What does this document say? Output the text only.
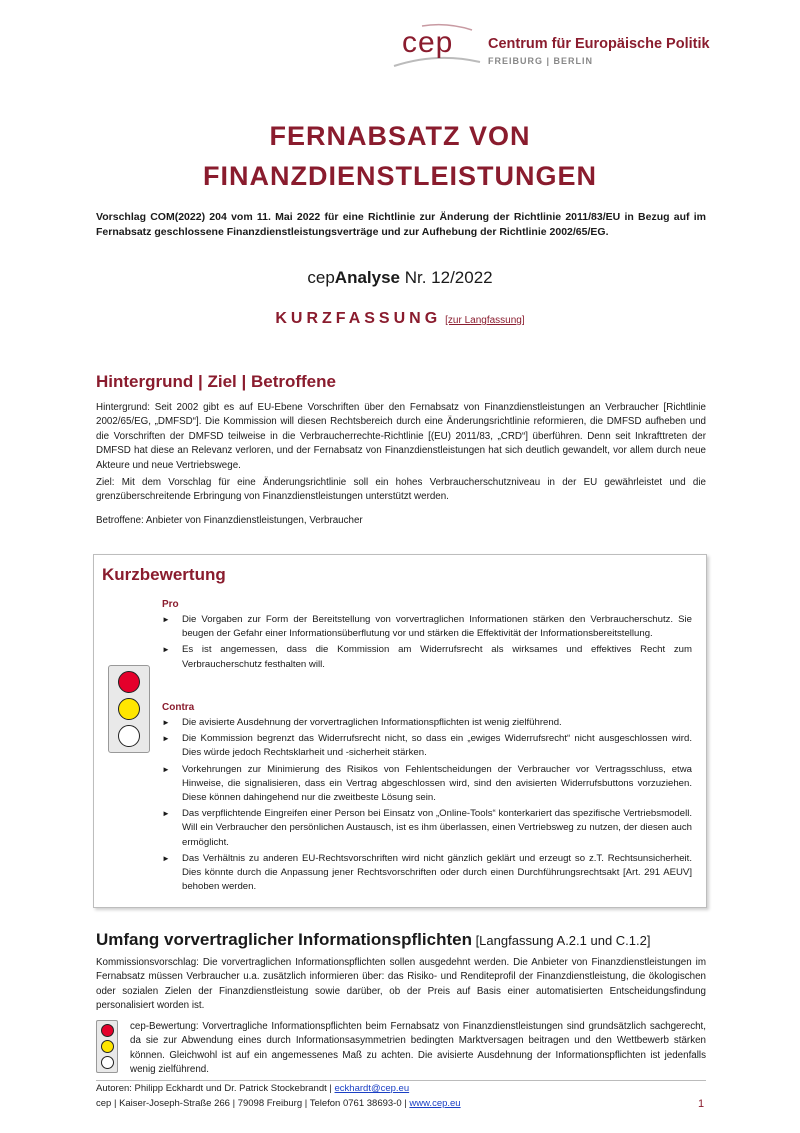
cep Centrum für Europäische Politik
FREIBURG | BERLIN
FERNABSATZ VON
FINANZDIENSTLEISTUNGEN
Vorschlag COM(2022) 204 vom 11. Mai 2022 für eine Richtlinie zur Änderung der Richtlinie 2011/83/EU in Bezug auf im Fernabsatz geschlossene Finanzdienstleistungsverträge und zur Aufhebung der Richtlinie 2002/65/EG.
cepAnalyse Nr. 12/2022
KURZFASSUNG [zur Langfassung]
Hintergrund | Ziel | Betroffene
Hintergrund: Seit 2002 gibt es auf EU-Ebene Vorschriften über den Fernabsatz von Finanzdienstleistungen an Verbraucher [Richtlinie 2002/65/EG, „DMFSD“]. Die Kommission will diesen Rechtsbereich durch eine Änderungsrichtlinie reformieren, die DMFSD aufheben und die Vorschriften der DMFSD teilweise in die Verbraucherrechte-Richtlinie [(EU) 2011/83, „CRD“] überführen. Denn seit Inkrafttreten der DMFSD hat diese an Relevanz verloren, und der Fernabsatz von Finanzdienstleistungen hat sich deutlich gewandelt, vor allem durch neue Akteure und neue Vertriebswege.
Ziel: Mit dem Vorschlag für eine Änderungsrichtlinie soll ein hohes Verbraucherschutzniveau in der EU gewährleistet und die grenzüberschreitende Erbringung von Finanzdienstleistungen unterstützt werden.
Betroffene: Anbieter von Finanzdienstleistungen, Verbraucher
Kurzbewertung
Pro
► Die Vorgaben zur Form der Bereitstellung von vorvertraglichen Informationen stärken den Verbraucherschutz. Sie beugen der Gefahr einer Informationsüberflutung vor und stärken die Effektivität der Informationsbereitstellung.
► Es ist angemessen, dass die Kommission am Widerrufsrecht als wirksames und effektives Recht zum Verbraucherschutz festhalten will.
Contra
► Die avisierte Ausdehnung der vorvertraglichen Informationspflichten ist wenig zielführend.
► Die Kommission begrenzt das Widerrufsrecht nicht, so dass ein „ewiges Widerrufsrecht“ nicht ausgeschlossen wird. Dies würde jedoch Rechtsklarheit und -sicherheit stärken.
► Vorkehrungen zur Minimierung des Risikos von Fehlentscheidungen der Verbraucher vor Vertragsschluss, etwa Hinweise, die signalisieren, dass ein Vertrag abgeschlossen wird, sind den avisierten Widerrufsbuttons vorzuziehen. Diese können dahingehend nur die zweitbeste Lösung sein.
► Das verpflichtende Eingreifen einer Person bei Einsatz von „Online-Tools“ konterkariert das spezifische Vertriebsmodell. Will ein Verbraucher den persönlichen Austausch, ist es ihm überlassen, einen Vertriebsweg zu nutzen, der diesen auch ermöglicht.
► Das Verhältnis zu anderen EU-Rechtsvorschriften wird nicht gänzlich geklärt und erzeugt so z.T. Rechtsunsicherheit. Dies könnte durch die Anpassung jener Rechtsvorschriften oder durch einen Durchführungsrechtsakt [Art. 291 AEUV] behoben werden.
Umfang vorvertraglicher Informationspflichten [Langfassung A.2.1 und C.1.2]
Kommissionsvorschlag: Die vorvertraglichen Informationspflichten sollen ausgedehnt werden. Die Anbieter von Finanzdienstleistungen im Fernabsatz müssen Verbraucher u.a. zusätzlich informieren über: das Risiko- und Renditeprofil der Finanzdienstleistung, die ökologischen oder sozialen Zielen der Finanzdienstleistung sowie darüber, ob der Preis auf Basis einer automatisierten Entscheidungsfindung personalisiert worden ist.
cep-Bewertung: Vorvertragliche Informationspflichten beim Fernabsatz von Finanzdienstleistungen sind grundsätzlich sachgerecht, da sie zur Abwendung eines durch Informationsasymmetrien bedingten Marktversagen beitragen und den Wettbewerb stärken können. Gleichwohl ist auf ein angemessenes Maß zu achten. Die avisierte Ausdehnung der Informationspflichten ist jedenfalls wenig zielführend.
Autoren: Philipp Eckhardt und Dr. Patrick Stockebrandt | eckhardt@cep.eu
cep | Kaiser-Joseph-Straße 266 | 79098 Freiburg | Telefon 0761 38693-0 | www.cep.eu	1
